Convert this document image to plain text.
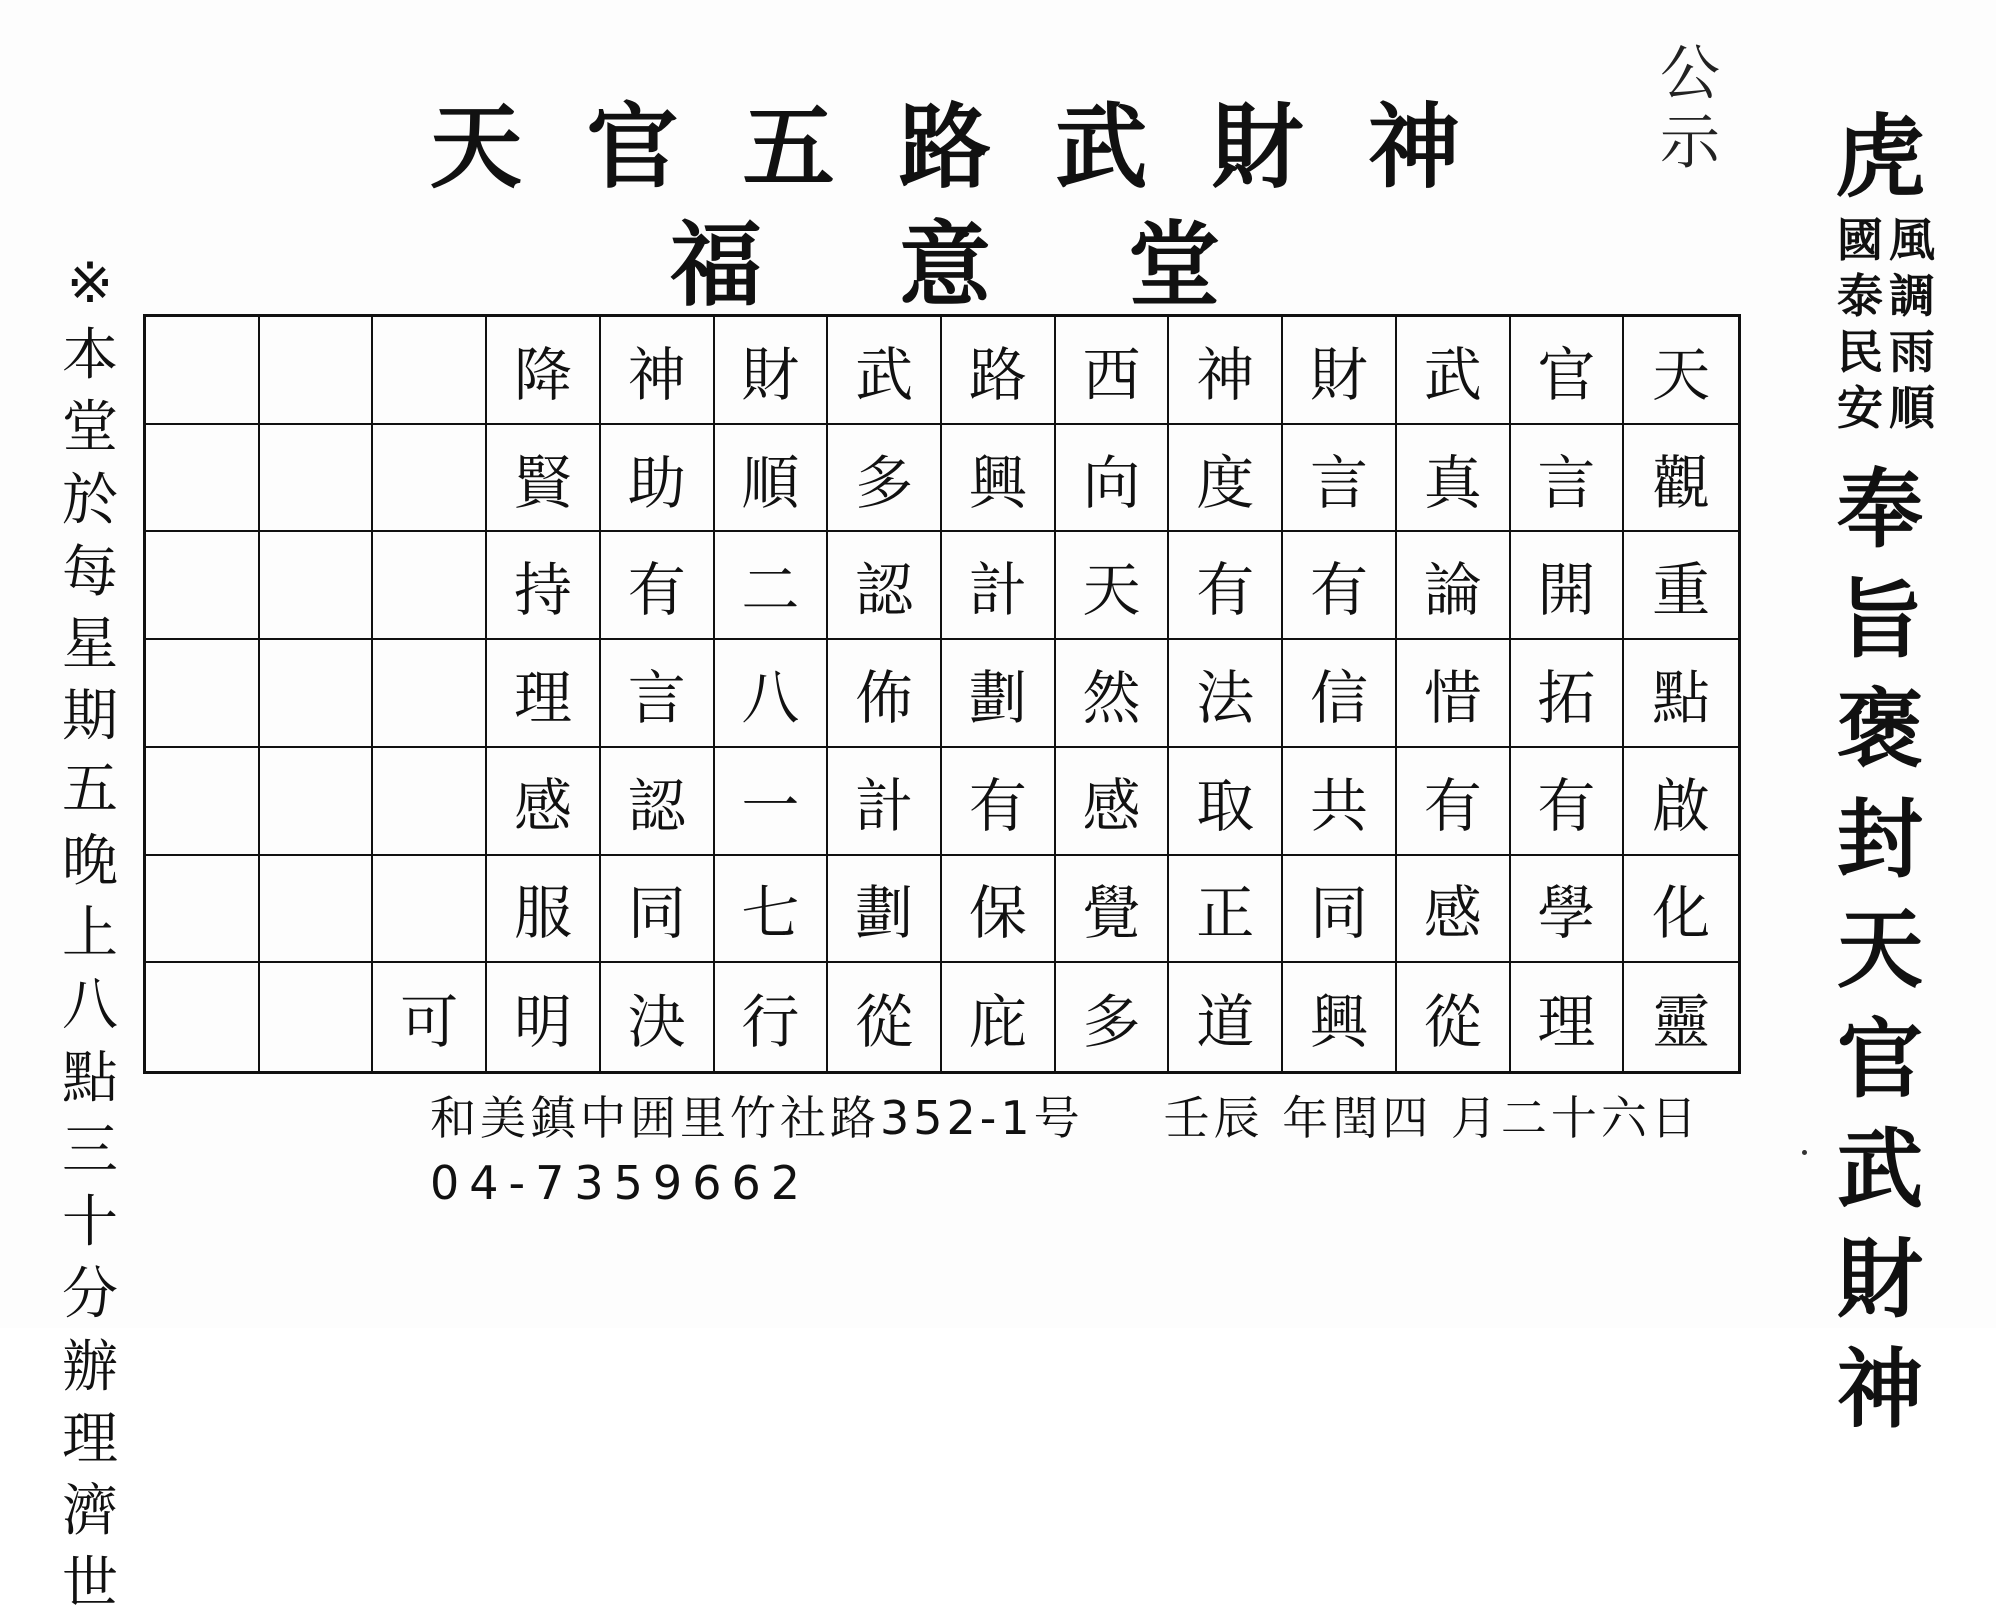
天 官 五 路 武 財 神
福 意 堂
公
示 虎
奉
旨
褒
封
天
官
武
財
神
國
泰
民
安
風
調
雨
順
※
本
堂
於
每
星
期
五
晚
上
八
點
三
十
分
辦
理
濟
世
降 神 財 武 路 西 神 財 武 官 天
賢 助 順 多 興 向 度 言 真 言 觀
持 有 二 認 計 天 有 有 論 開 重
理 言 八 佈 劃 然 法 信 惜 拓 點
感 認 一 計 有 感 取 共 有 有 啟
服 同 七 劃 保 覺 正 同 感 學 化
可 明 決 行 從 庇 多 道 興 從 理 靈
和美鎮中囲里竹社路352-1号 壬辰 年閏四 月二十六日
04-7359662
